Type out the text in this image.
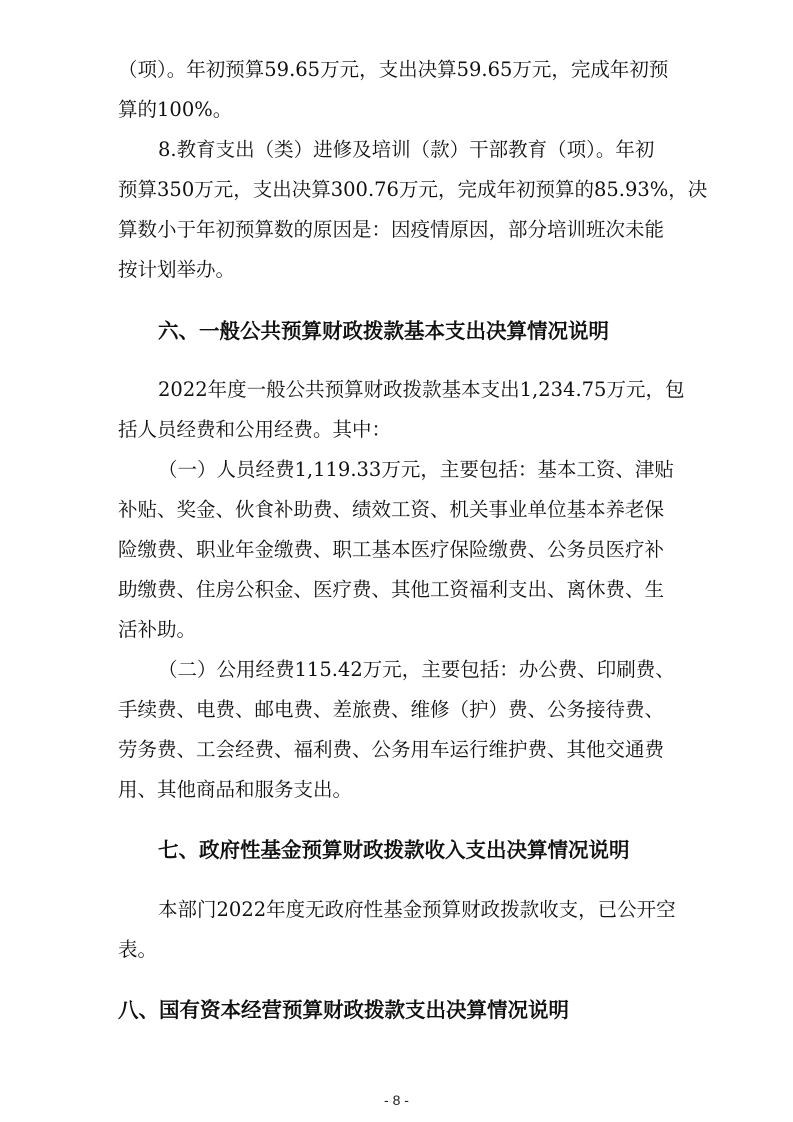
（项）。年初预算59.65万元，支出决算59.65万元，完成年初预
算的100%。
8.教育支出（类）进修及培训（款）干部教育（项）。年初
预算350万元，支出决算300.76万元，完成年初预算的85.93%，决
算数小于年初预算数的原因是：因疫情原因，部分培训班次未能
按计划举办。
六、一般公共预算财政拨款基本支出决算情况说明
2022年度一般公共预算财政拨款基本支出1,234.75万元，包
括人员经费和公用经费。其中：
（一）人员经费1,119.33万元，主要包括：基本工资、津贴
补贴、奖金、伙食补助费、绩效工资、机关事业单位基本养老保
险缴费、职业年金缴费、职工基本医疗保险缴费、公务员医疗补
助缴费、住房公积金、医疗费、其他工资福利支出、离休费、生
活补助。
（二）公用经费115.42万元，主要包括：办公费、印刷费、
手续费、电费、邮电费、差旅费、维修（护）费、公务接待费、
劳务费、工会经费、福利费、公务用车运行维护费、其他交通费
用、其他商品和服务支出。
七、政府性基金预算财政拨款收入支出决算情况说明
本部门2022年度无政府性基金预算财政拨款收支，已公开空
表。
八、国有资本经营预算财政拨款支出决算情况说明
- 8 -
